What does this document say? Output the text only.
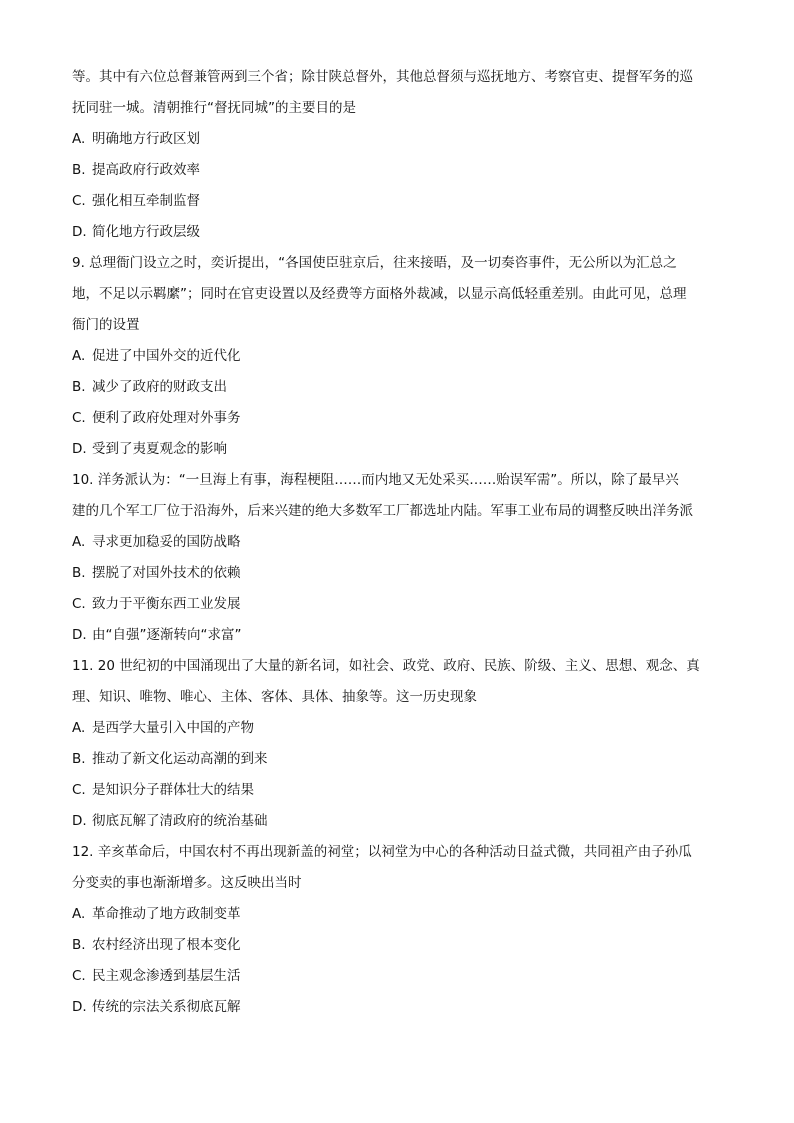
等。其中有六位总督兼管两到三个省；除甘陕总督外，其他总督须与巡抚地方、考察官吏、提督军务的巡
抚同驻一城。清朝推行“督抚同城”的主要目的是
A. 明确地方行政区划
B. 提高政府行政效率
C. 强化相互牵制监督
D. 简化地方行政层级
9. 总理衙门设立之时，奕䜣提出，“各国使臣驻京后，往来接晤，及一切奏咨事件，无公所以为汇总之
地，不足以示羁縻”；同时在官吏设置以及经费等方面格外裁减，以显示高低轻重差别。由此可见，总理
衙门的设置
A. 促进了中国外交的近代化
B. 减少了政府的财政支出
C. 便利了政府处理对外事务
D. 受到了夷夏观念的影响
10. 洋务派认为：“一旦海上有事，海程梗阻……而内地又无处采买……贻误军需”。所以，除了最早兴
建的几个军工厂位于沿海外，后来兴建的绝大多数军工厂都选址内陆。军事工业布局的调整反映出洋务派
A. 寻求更加稳妥的国防战略
B. 摆脱了对国外技术的依赖
C. 致力于平衡东西工业发展
D. 由“自强”逐渐转向“求富”
11. 20 世纪初的中国涌现出了大量的新名词，如社会、政党、政府、民族、阶级、主义、思想、观念、真
理、知识、唯物、唯心、主体、客体、具体、抽象等。这一历史现象
A. 是西学大量引入中国的产物
B. 推动了新文化运动高潮的到来
C. 是知识分子群体壮大的结果
D. 彻底瓦解了清政府的统治基础
12. 辛亥革命后，中国农村不再出现新盖的祠堂；以祠堂为中心的各种活动日益式微，共同祖产由子孙瓜
分变卖的事也渐渐增多。这反映出当时
A. 革命推动了地方政制变革
B. 农村经济出现了根本变化
C. 民主观念渗透到基层生活
D. 传统的宗法关系彻底瓦解
